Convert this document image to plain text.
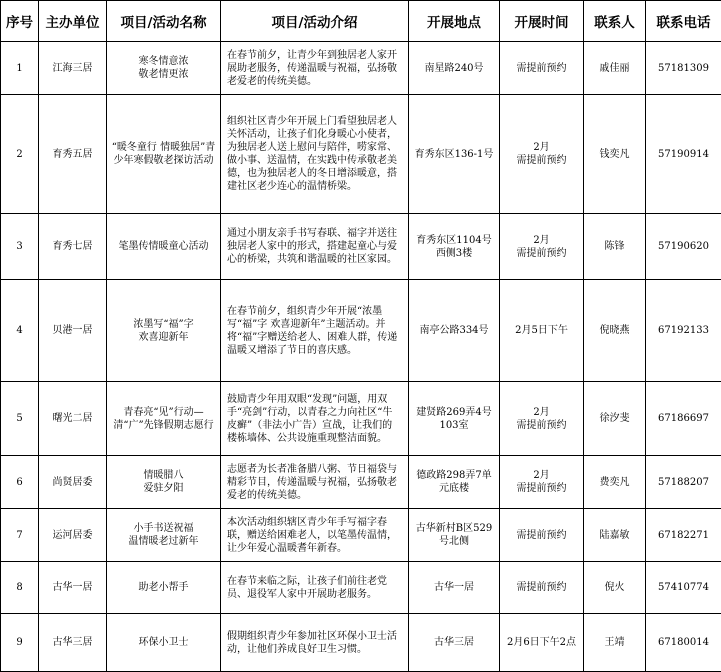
序号	主办单位	项目/活动名称	项目/活动介绍	开展地点	开展时间	联系人	联系电话
1	江海三居	寒冬情意浓
敬老情更浓	在春节前夕，让青少年到独居老人家开展助老服务，传递温暖与祝福，弘扬敬老爱老的传统美德。	南星路240号	需提前预约	戚佳丽	57181309
2	育秀五居	“暖冬童行 情暖独居”青少年寒假敬老探访活动	组织社区青少年开展上门看望独居老人关怀活动，让孩子们化身暖心小使者，为独居老人送上慰问与陪伴，唠家常、做小事、送温情，在实践中传承敬老美德，也为独居老人的冬日增添暖意，搭建社区老少连心的温情桥梁。	育秀东区136-1号	2月
需提前预约	钱奕凡	57190914
3	育秀七居	笔墨传情暖童心活动	通过小朋友亲手书写春联、福字并送往独居老人家中的形式，搭建起童心与爱心的桥梁，共筑和谐温暖的社区家园。	育秀东区1104号
西侧3楼	2月
需提前预约	陈锋	57190620
4	贝港一居	浓墨写“福”字
欢喜迎新年	在春节前夕，组织青少年开展“浓墨写“福”字 欢喜迎新年”主题活动。并将“福”字赠送给老人、困难人群，传递温暖又增添了节日的喜庆感。	南亭公路334号	2月5日下午	倪晓燕	67192133
5	曙光二居	青春亮“见”行动—清“广”先锋假期志愿行	鼓励青少年用双眼“发现”问题，用双手“亮剑”行动，以青春之力向社区“牛皮癣”（非法小广告）宣战，让我们的楼栋墙体、公共设施重现整洁面貌。	建贤路269弄4号
103室	2月
需提前预约	徐汐斐	67186697
6	尚贤居委	情暖腊八
爱驻夕阳	志愿者为长者准备腊八粥、节日福袋与精彩节目，传递温暖与祝福，弘扬敬老爱老的传统美德。	德政路298弄7单
元底楼	2月
需提前预约	费奕凡	57188207
7	运河居委	小手书送祝福
温情暖老过新年	本次活动组织辖区青少年手写福字春联，赠送给困难老人，以笔墨传温情，让少年爱心温暖耆年新春。	古华新村B区529
号北侧	需提前预约	陆嘉敏	67182271
8	古华一居	助老小帮手	在春节来临之际，让孩子们前往老党员、退役军人家中开展助老服务。	古华一居	需提前预约	倪火	57410774
9	古华三居	环保小卫士	假期组织青少年参加社区环保小卫士活动，让他们养成良好卫生习惯。	古华三居	2月6日下午2点	王靖	67180014
